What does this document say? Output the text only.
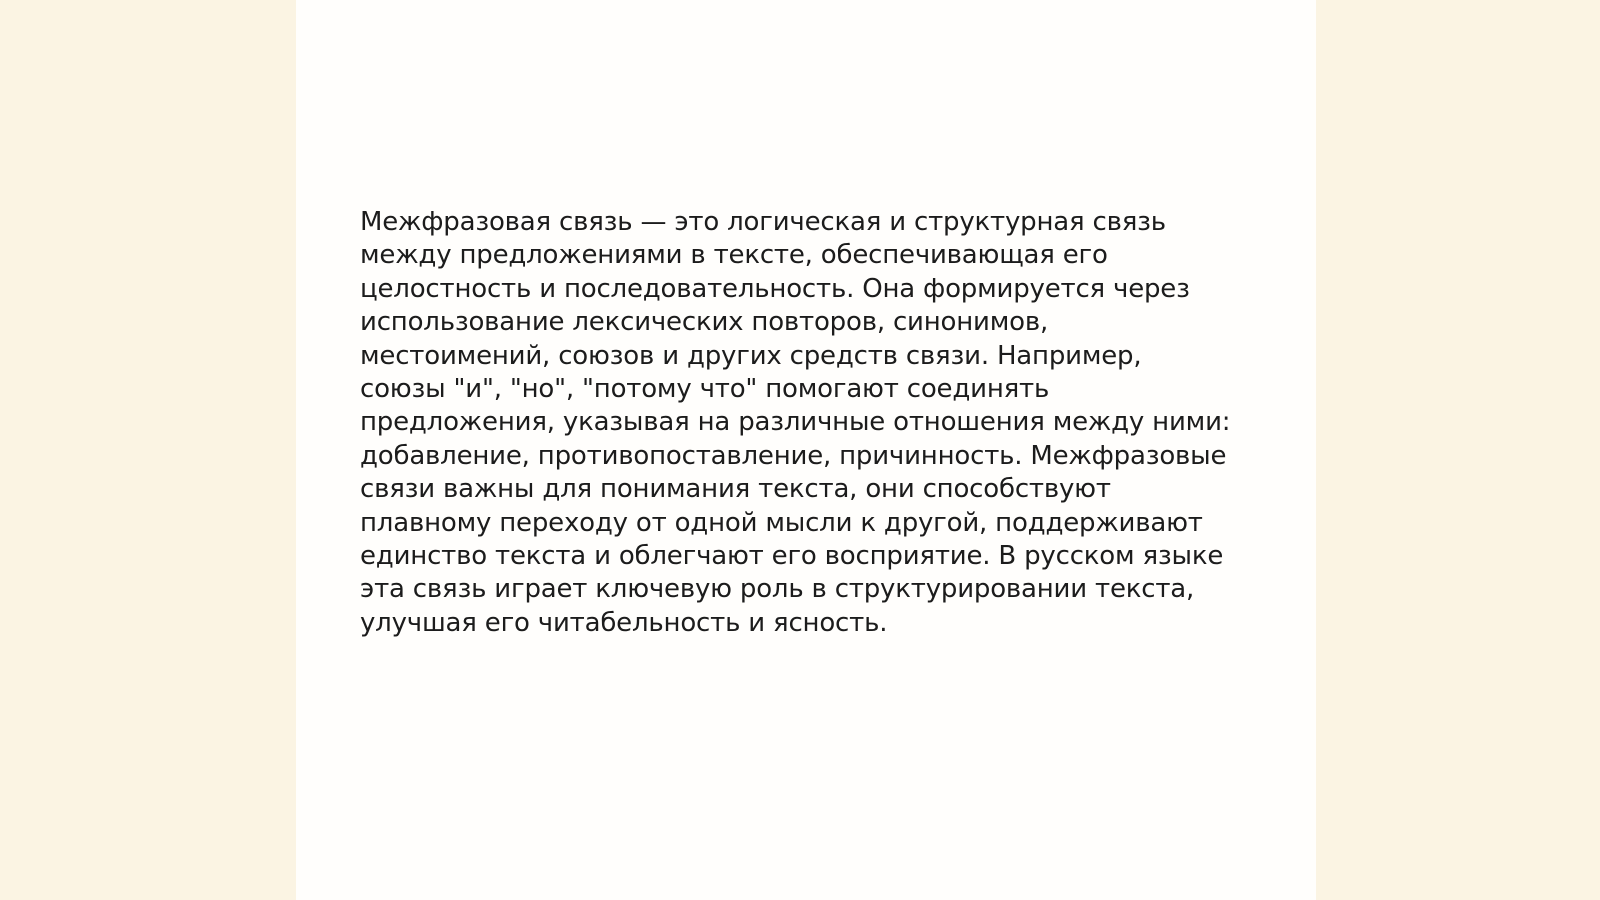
Межфразовая связь — это логическая и структурная связь
между предложениями в тексте, обеспечивающая его
целостность и последовательность. Она формируется через
использование лексических повторов, синонимов,
местоимений, союзов и других средств связи. Например,
союзы "и", "но", "потому что" помогают соединять
предложения, указывая на различные отношения между ними:
добавление, противопоставление, причинность. Межфразовые
связи важны для понимания текста, они способствуют
плавному переходу от одной мысли к другой, поддерживают
единство текста и облегчают его восприятие. В русском языке
эта связь играет ключевую роль в структурировании текста,
улучшая его читабельность и ясность.
